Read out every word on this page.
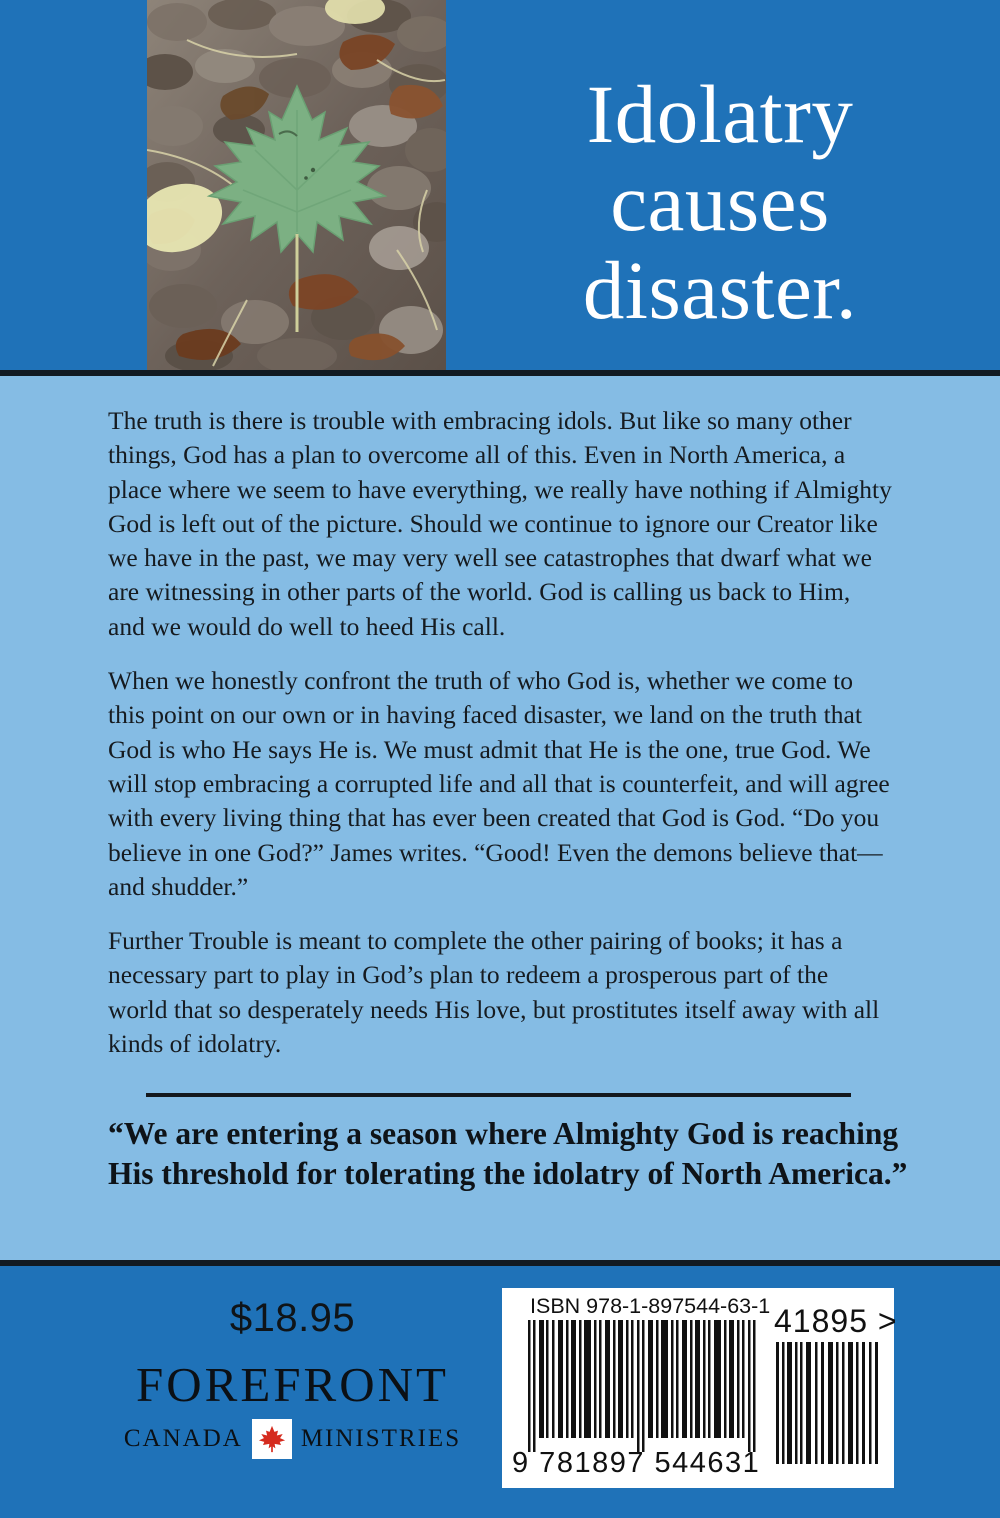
Idolatry
causes
disaster.

The truth is there is trouble with embracing idols. But like so many other things, God has a plan to overcome all of this. Even in North America, a place where we seem to have everything, we really have nothing if Almighty God is left out of the picture. Should we continue to ignore our Creator like we have in the past, we may very well see catastrophes that dwarf what we are witnessing in other parts of the world. God is calling us back to Him, and we would do well to heed His call.

When we honestly confront the truth of who God is, whether we come to this point on our own or in having faced disaster, we land on the truth that God is who He says He is. We must admit that He is the one, true God. We will stop embracing a corrupted life and all that is counterfeit, and will agree with every living thing that has ever been created that God is God. “Do you believe in one God?” James writes. “Good! Even the demons believe that—and shudder.”

Further Trouble is meant to complete the other pairing of books; it has a necessary part to play in God’s plan to redeem a prosperous part of the world that so desperately needs His love, but prostitutes itself away with all kinds of idolatry.

“We are entering a season where Almighty God is reaching His threshold for tolerating the idolatry of North America.”
$18.95
FOREFRONT
CANADA MINISTRIES
ISBN 978-1-897544-63-1
9 781897 544631
41895 >
